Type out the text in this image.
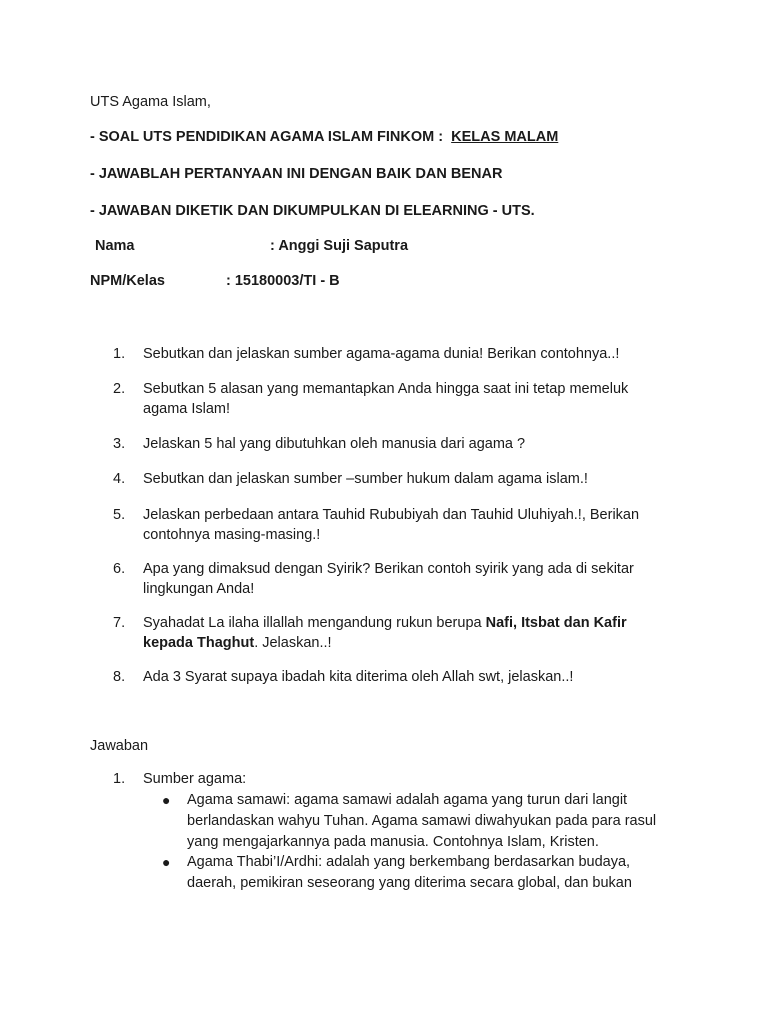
UTS Agama Islam,
- SOAL UTS PENDIDIKAN AGAMA ISLAM FINKOM :  KELAS MALAM
- JAWABLAH PERTANYAAN INI DENGAN BAIK DAN BENAR
- JAWABAN DIKETIK DAN DIKUMPULKAN DI ELEARNING - UTS.
Nama	: Anggi Suji Saputra
NPM/Kelas	: 15180003/TI - B
1. Sebutkan dan jelaskan sumber agama-agama dunia! Berikan contohnya..!
2. Sebutkan 5 alasan yang memantapkan Anda hingga saat ini tetap memeluk
agama Islam!
3. Jelaskan 5 hal yang dibutuhkan oleh manusia dari agama ?
4. Sebutkan dan jelaskan sumber –sumber hukum dalam agama islam.!
5. Jelaskan perbedaan antara Tauhid Rububiyah dan Tauhid Uluhiyah.!, Berikan
contohnya masing-masing.!
6. Apa yang dimaksud dengan Syirik? Berikan contoh syirik yang ada di sekitar
lingkungan Anda!
7. Syahadat La ilaha illallah mengandung rukun berupa Nafi, Itsbat dan Kafir
kepada Thaghut. Jelaskan..!
8. Ada 3 Syarat supaya ibadah kita diterima oleh Allah swt, jelaskan..!
Jawaban
1. Sumber agama:
● Agama samawi: agama samawi adalah agama yang turun dari langit
berlandaskan wahyu Tuhan. Agama samawi diwahyukan pada para rasul
yang mengajarkannya pada manusia. Contohnya Islam, Kristen.
● Agama Thabi’I/Ardhi: adalah yang berkembang berdasarkan budaya,
daerah, pemikiran seseorang yang diterima secara global, dan bukan
